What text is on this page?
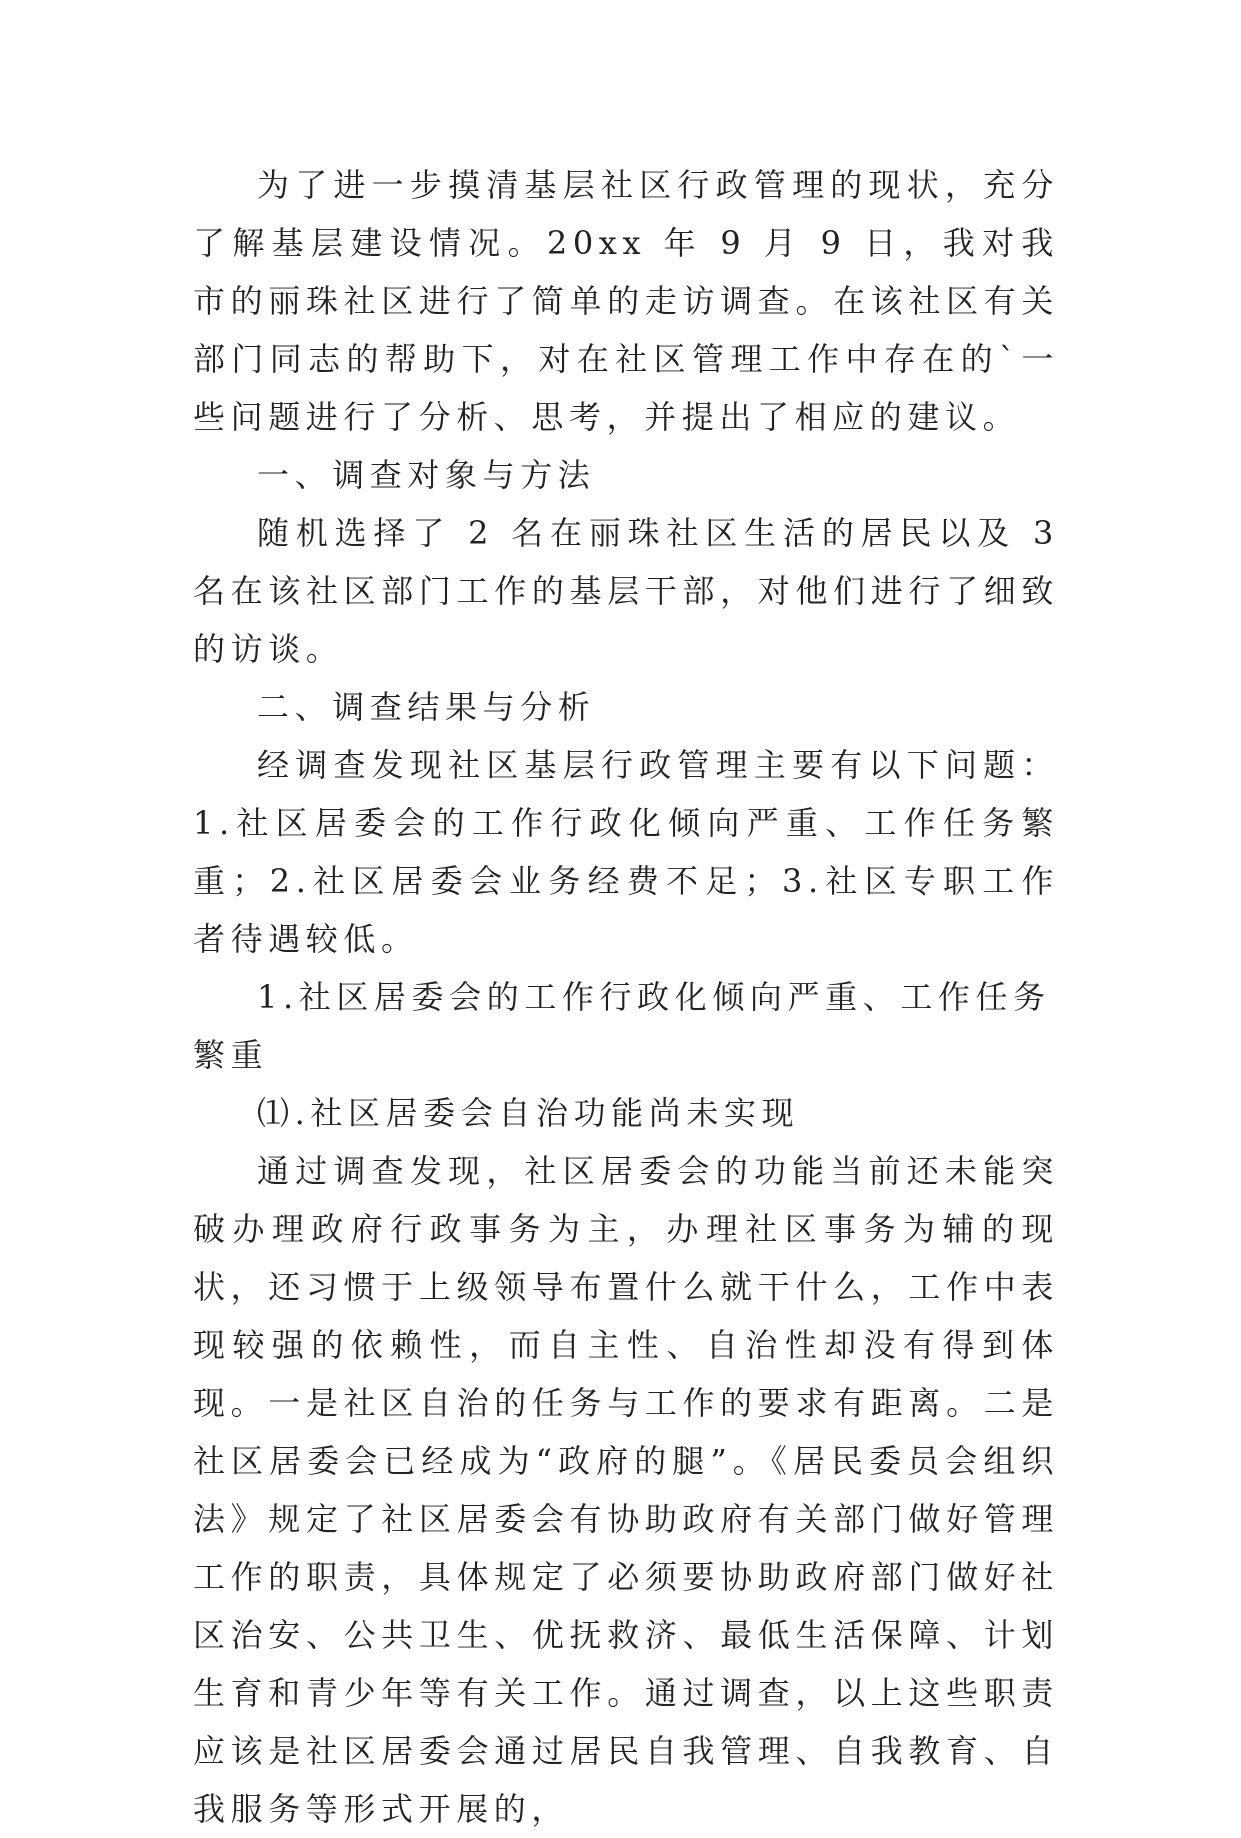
为了进一步摸清基层社区行政管理的现状，充分了解基层建设情况。20xx 年 9 月 9 日，我对我市的丽珠社区进行了简单的走访调查。在该社区有关部门同志的帮助下，对在社区管理工作中存在的`一些问题进行了分析、思考，并提出了相应的建议。

一、调查对象与方法

随机选择了 2 名在丽珠社区生活的居民以及 3 名在该社区部门工作的基层干部，对他们进行了细致的访谈。

二、调查结果与分析

经调查发现社区基层行政管理主要有以下问题：1.社区居委会的工作行政化倾向严重、工作任务繁重；2.社区居委会业务经费不足；3.社区专职工作者待遇较低。

1.社区居委会的工作行政化倾向严重、工作任务繁重

⑴.社区居委会自治功能尚未实现

通过调查发现，社区居委会的功能当前还未能突破办理政府行政事务为主，办理社区事务为辅的现状，还习惯于上级领导布置什么就干什么，工作中表现较强的依赖性，而自主性、自治性却没有得到体现。一是社区自治的任务与工作的要求有距离。二是社区居委会已经成为“政府的腿”。《居民委员会组织法》规定了社区居委会有协助政府有关部门做好管理工作的职责，具体规定了必须要协助政府部门做好社区治安、公共卫生、优抚救济、最低生活保障、计划生育和青少年等有关工作。通过调查，以上这些职责应该是社区居委会通过居民自我管理、自我教育、自我服务等形式开展的，
